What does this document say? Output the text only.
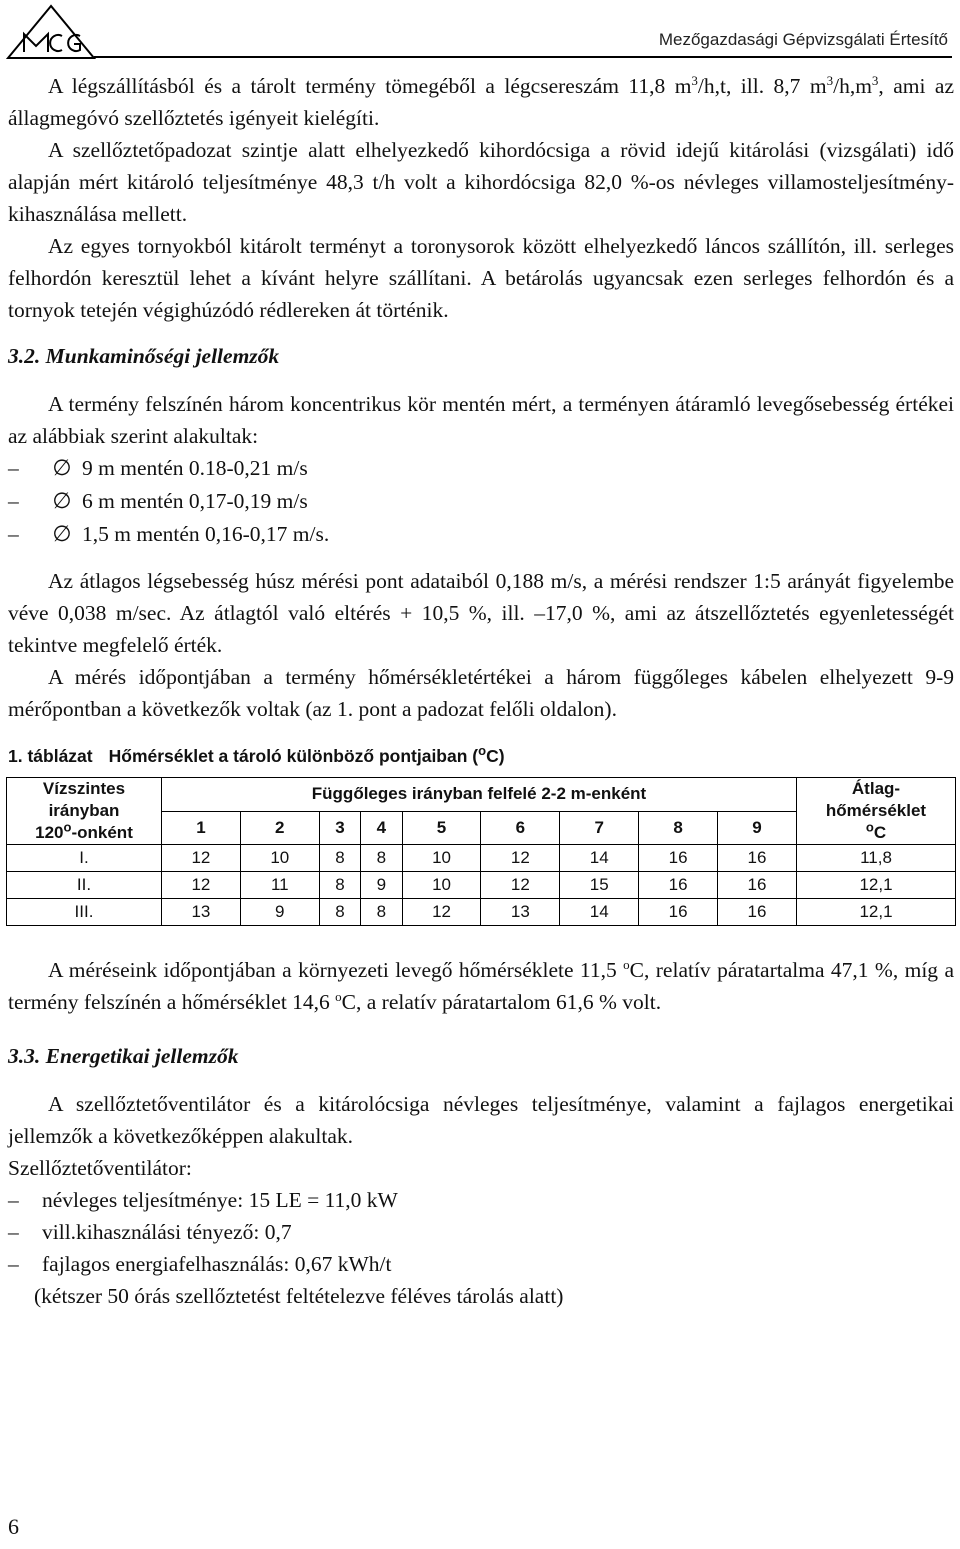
Mezőgazdasági Gépvizsgálati Értesítő

A légszállításból és a tárolt termény tömegéből a légcsereszám 11,8 $m^3/h,t$, ill. 8,7 $m^3/h,m^3$, ami az állagmegóvó szellőztetés igényeit kielégíti.

A szellőztetőpadozat szintje alatt elhelyezkedő kihordócsiga a rövid idejű kitárolási (vizsgálati) idő alapján mért kitároló teljesítménye 48,3 t/h volt a kihordócsiga 82,0 %-os névleges villamosteljesítmény-kihasználása mellett.

Az egyes tornyokból kitárolt terményt a toronysorok között elhelyezkedő láncos szállítón, ill. serleges felhordón keresztül lehet a kívánt helyre szállítani. A betárolás ugyancsak ezen serleges felhordón és a tornyok tetején végighúzódó rédlereken át történik.

3.2. Munkaminőségi jellemzők

A termény felszínén három koncentrikus kör mentén mért, a terményen átáramló levegősebesség értékei az alábbiak szerint alakultak:

–	∅ 9 m mentén 0.18-0,21 m/s
–	∅ 6 m mentén 0,17-0,19 m/s
–	∅ 1,5 m mentén 0,16-0,17 m/s.

Az átlagos légsebesség húsz mérési pont adataiból 0,188 m/s, a mérési rendszer 1:5 arányát figyelembe véve 0,038 m/sec. Az átlagtól való eltérés + 10,5 %, ill. –17,0 %, ami az átszellőztetés egyenletességét tekintve megfelelő érték.

A mérés időpontjában a termény hőmérsékletértékei a három függőleges kábelen elhelyezett 9-9 mérőpontban a következők voltak (az 1. pont a padozat felőli oldalon).

1. táblázat Hőmérséklet a tároló különböző pontjaiban ($^o$C)
Vízszintes
irányban
120$^o$-onként	Függőleges irányban felfelé 2-2 m-enként									Átlag-
hőmérséklet
$^o$C
	1	2	3	4	5	6	7	8	9	
I.	12	10	8	8	10	12	14	16	16	11,8
II.	12	11	8	9	10	12	15	16	16	12,1
III.	13	9	8	8	12	13	14	16	16	12,1

A méréseink időpontjában a környezeti levegő hőmérséklete 11,5 $^o$C, relatív páratartalma 47,1 %, míg a termény felszínén a hőmérséklet 14,6 $^o$C, a relatív páratartalom 61,6 % volt.

3.3. Energetikai jellemzők

A szellőztetőventilátor és a kitárolócsiga névleges teljesítménye, valamint a fajlagos energetikai jellemzők a következőképpen alakultak.

Szellőztetőventilátor:

–	névleges teljesítménye: 15 LE = 11,0 kW
–	vill.kihasználási tényező: 0,7
–	fajlagos energiafelhasználás: 0,67 kWh/t

(kétszer 50 órás szellőztetést feltételezve féléves tárolás alatt)

6
